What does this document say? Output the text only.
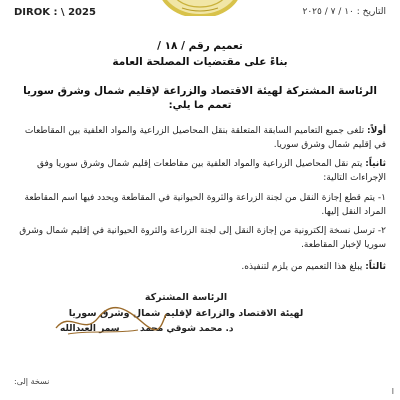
DIROK : \ 2025	التاريخ : ١٠ / ٧ / ٢٠٢٥
تعميم رقم / ١٨ /
بناءً على مقتضيات المصلحة العامة
الرئاسة المشتركة لهيئة الاقتصاد والزراعة لإقليم شمال وشرق سوريا
تعمم ما يلي:
أولاً: تلغى جميع التعاميم السابقة المتعلقة بنقل المحاصيل الزراعية والمواد العلفية بين المقاطعات في إقليم شمال وشرق سوريا.
ثانياً: يتم نقل المحاصيل الزراعية والمواد العلفية بين مقاطعات إقليم شمال وشرق سوريا وفق الإجراءات التالية:
١- يتم قطع إجازة النقل من لجنة الزراعة والثروة الحيوانية في المقاطعة ويحدد فيها اسم المقاطعة المراد النقل إليها.
٢- ترسل نسخة إلكترونية من إجازة النقل إلى لجنة الزراعة والثروة الحيوانية في إقليم شمال وشرق سوريا لإخبار المقاطعة.
ثالثاً: يبلغ هذا التعميم من يلزم لتنفيذه.
الرئاسة المشتركة
لهيئة الاقتصاد والزراعة لإقليم شمال وشرق سوريا
د. محمد شوقي محمد
سمر العبدالله
نسخة إلى:
ا
